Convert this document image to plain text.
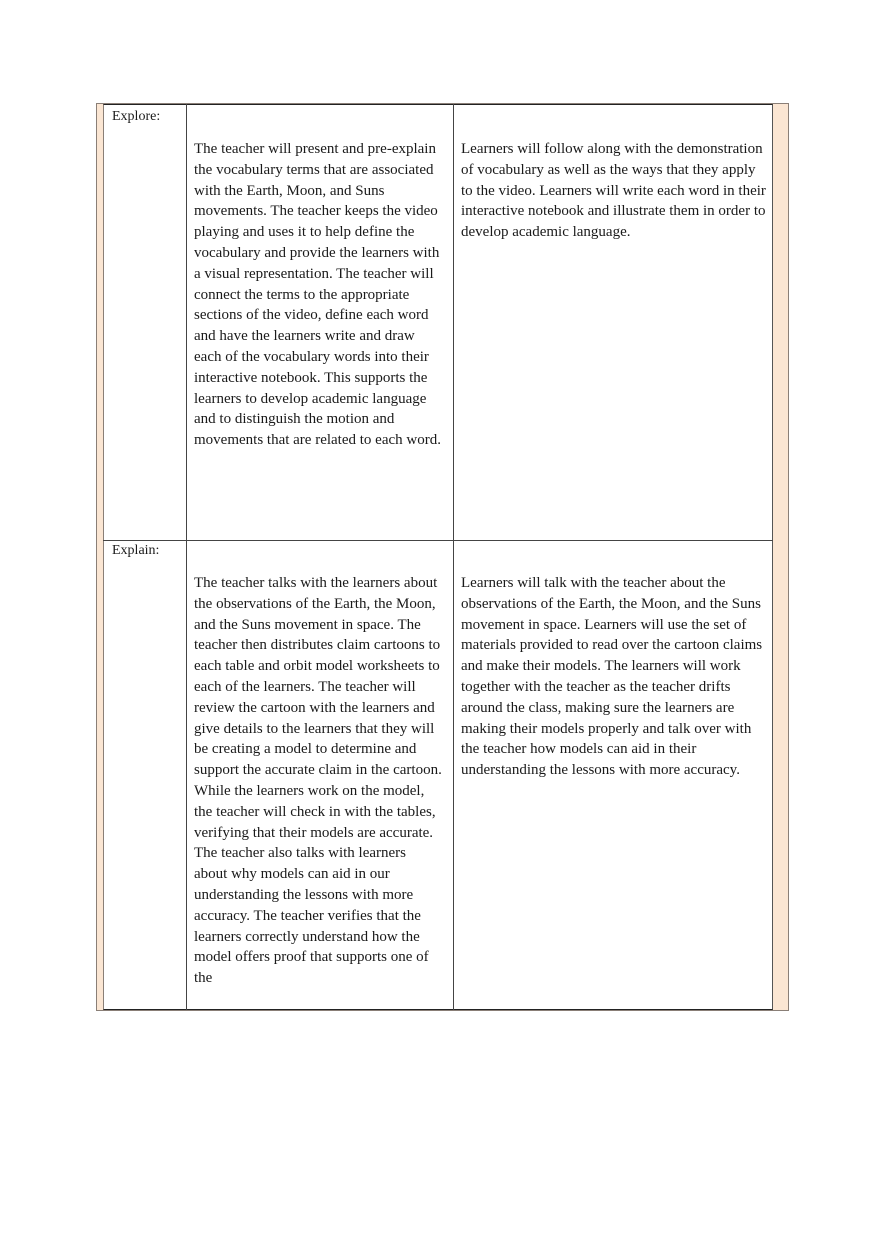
Explore:
The teacher will present and pre-explain the vocabulary terms that are associated with the Earth, Moon, and Suns movements. The teacher keeps the video playing and uses it to help define the vocabulary and provide the learners with a visual representation. The teacher will connect the terms to the appropriate sections of the video, define each word and have the learners write and draw each of the vocabulary words into their interactive notebook. This supports the learners to develop academic language and to distinguish the motion and movements that are related to each word.
Learners will follow along with the demonstration of vocabulary as well as the ways that they apply to the video. Learners will write each word in their interactive notebook and illustrate them in order to develop academic language.
Explain:
The teacher talks with the learners about the observations of the Earth, the Moon, and the Suns movement in space. The teacher then distributes claim cartoons to each table and orbit model worksheets to each of the learners. The teacher will review the cartoon with the learners and give details to the learners that they will be creating a model to determine and support the accurate claim in the cartoon. While the learners work on the model, the teacher will check in with the tables, verifying that their models are accurate. The teacher also talks with learners about why models can aid in our understanding the lessons with more accuracy. The teacher verifies that the learners correctly understand how the model offers proof that supports one of the
Learners will talk with the teacher about the observations of the Earth, the Moon, and the Suns movement in space. Learners will use the set of materials provided to read over the cartoon claims and make their models. The learners will work together with the teacher as the teacher drifts around the class, making sure the learners are making their models properly and talk over with the teacher how models can aid in their understanding the lessons with more accuracy.
